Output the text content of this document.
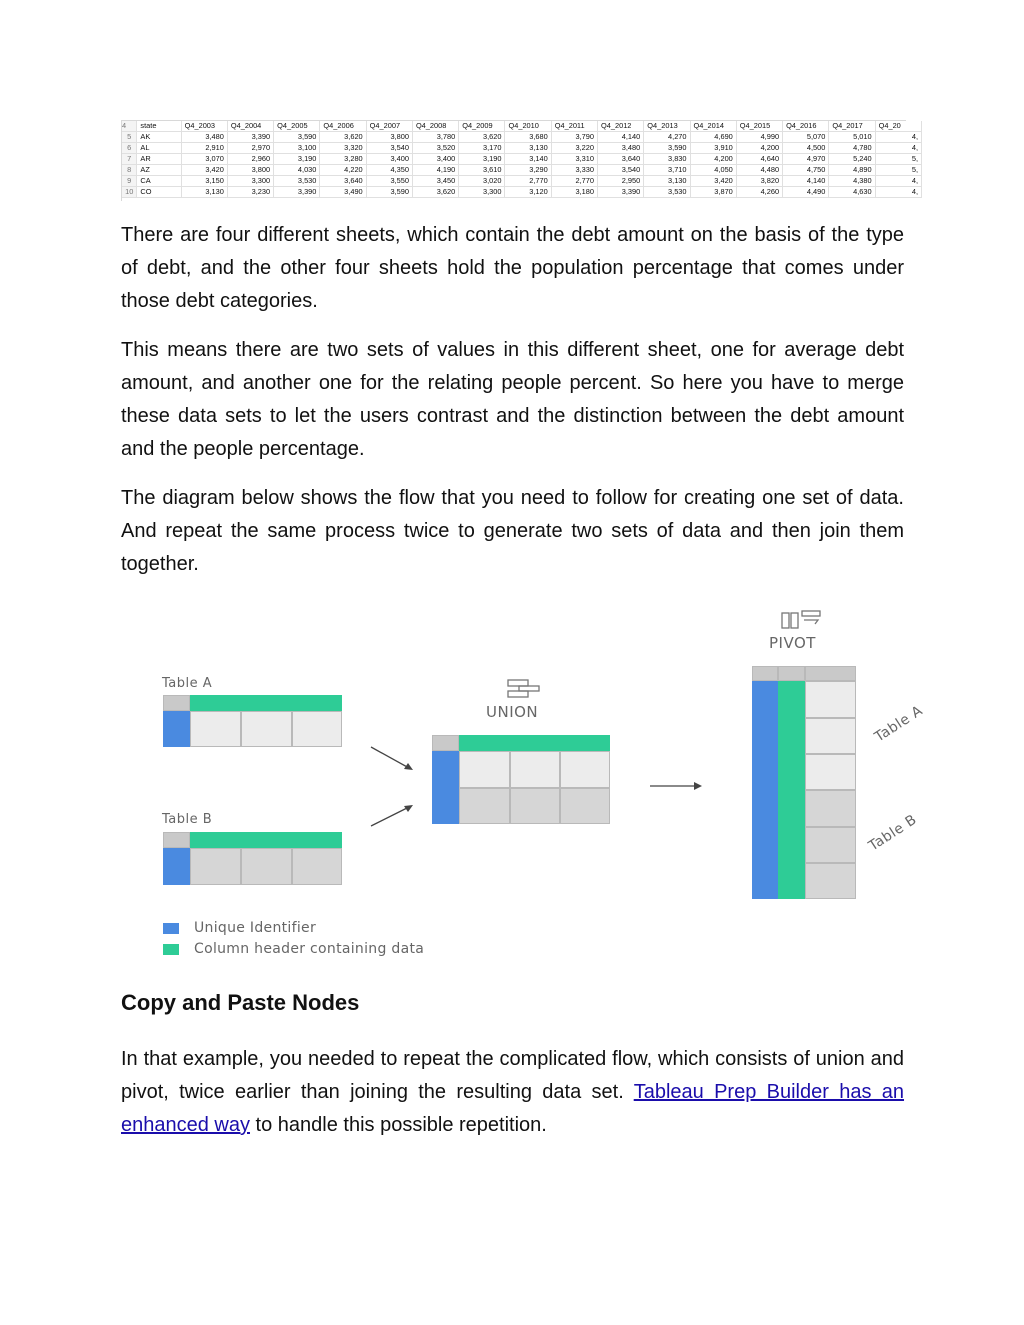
4	state	Q4_2003	Q4_2004	Q4_2005	Q4_2006	Q4_2007	Q4_2008	Q4_2009	Q4_2010	Q4_2011	Q4_2012	Q4_2013	Q4_2014	Q4_2015	Q4_2016	Q4_2017	Q4_20
5	AK	3,480	3,390	3,590	3,620	3,800	3,780	3,620	3,680	3,790	4,140	4,270	4,690	4,990	5,070	5,010	4,
6	AL	2,910	2,970	3,100	3,320	3,540	3,520	3,170	3,130	3,220	3,480	3,590	3,910	4,200	4,500	4,780	4,
7	AR	3,070	2,960	3,190	3,280	3,400	3,400	3,190	3,140	3,310	3,640	3,830	4,200	4,640	4,970	5,240	5,
8	AZ	3,420	3,800	4,030	4,220	4,350	4,190	3,610	3,290	3,330	3,540	3,710	4,050	4,480	4,750	4,890	5,
9	CA	3,150	3,300	3,530	3,640	3,550	3,450	3,020	2,770	2,770	2,950	3,130	3,420	3,820	4,140	4,380	4,
10	CO	3,130	3,230	3,390	3,490	3,590	3,620	3,300	3,120	3,180	3,390	3,530	3,870	4,260	4,490	4,630	4,

There are four different sheets, which contain the debt amount on the basis of the type of debt, and the other four sheets hold the population percentage that comes under those debt categories.

This means there are two sets of values in this different sheet, one for average debt amount, and another one for the relating people percent. So here you have to merge these data sets to let the users contrast and the distinction between the debt amount and the people percentage.

The diagram below shows the flow that you need to follow for creating one set of data. And repeat the same process twice to generate two sets of data and then join them together.

Table A
Table B
UNION
PIVOT
Table A
Table B
Unique Identifier
Column header containing data
Copy and Paste Nodes

In that example, you needed to repeat the complicated flow, which consists of union and pivot, twice earlier than joining the resulting data set. Tableau Prep Builder has an enhanced way to handle this possible repetition.
